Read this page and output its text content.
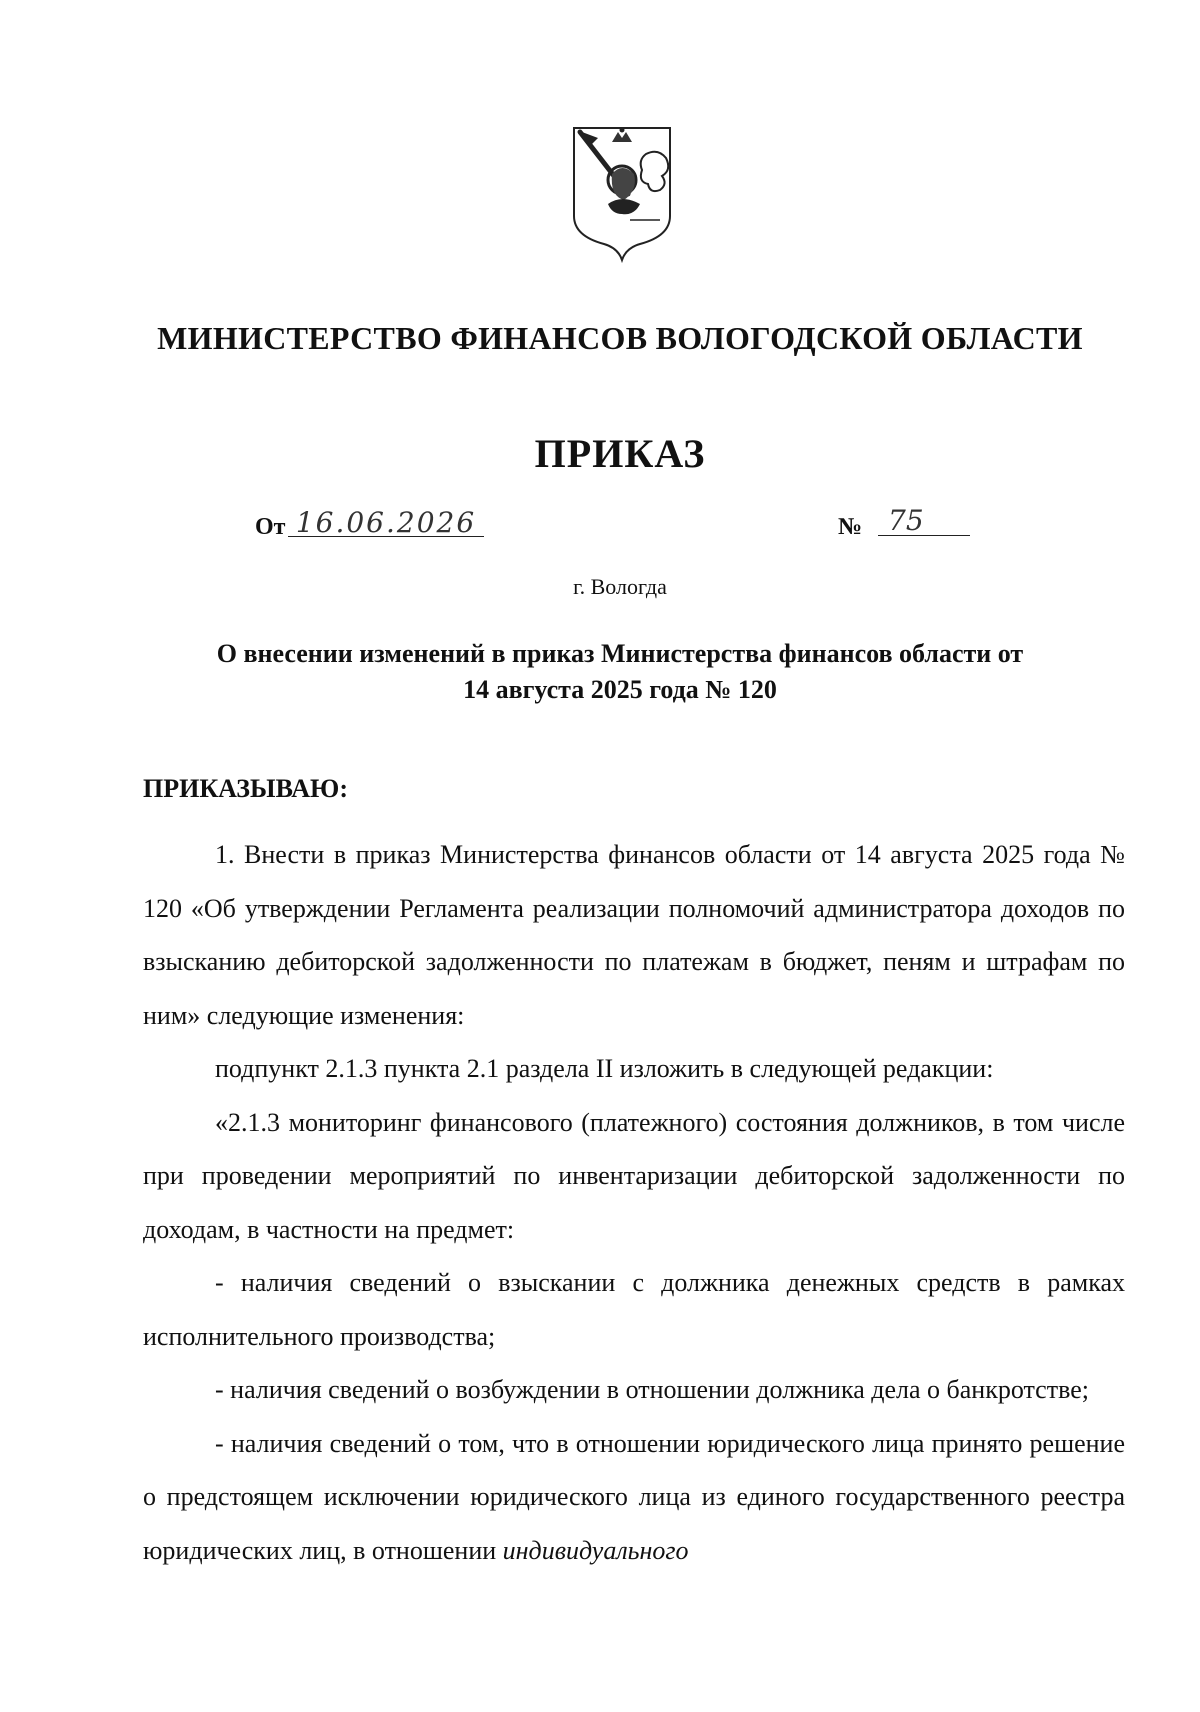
МИНИСТЕРСТВО ФИНАНСОВ ВОЛОГОДСКОЙ ОБЛАСТИ
ПРИКАЗ
От 16.06.2026	№ 75
г. Вологда
О внесении изменений в приказ Министерства финансов области от
14 августа 2025 года № 120
ПРИКАЗЫВАЮ:

1. Внести в приказ Министерства финансов области от 14 августа 2025 года № 120 «Об утверждении Регламента реализации полномочий администратора доходов по взысканию дебиторской задолженности по платежам в бюджет, пеням и штрафам по ним» следующие изменения:

подпункт 2.1.3 пункта 2.1 раздела II изложить в следующей редакции:

«2.1.3 мониторинг финансового (платежного) состояния должников, в том числе при проведении мероприятий по инвентаризации дебиторской задолженности по доходам, в частности на предмет:

- наличия сведений о взыскании с должника денежных средств в рамках исполнительного производства;

- наличия сведений о возбуждении в отношении должника дела о банкротстве;

- наличия сведений о том, что в отношении юридического лица принято решение о предстоящем исключении юридического лица из единого государственного реестра юридических лиц, в отношении индивидуального
